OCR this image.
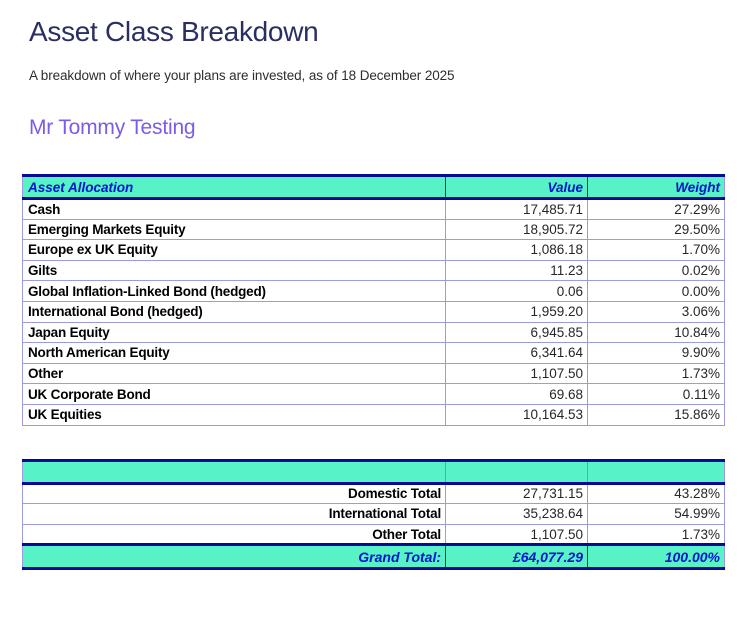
Asset Class Breakdown

A breakdown of where your plans are invested, as of 18 December 2025

Mr Tommy Testing
Asset Allocation	Value	Weight
Cash	17,485.71	27.29%
Emerging Markets Equity	18,905.72	29.50%
Europe ex UK Equity	1,086.18	1.70%
Gilts	11.23	0.02%
Global Inflation-Linked Bond (hedged)	0.06	0.00%
International Bond (hedged)	1,959.20	3.06%
Japan Equity	6,945.85	10.84%
North American Equity	6,341.64	9.90%
Other	1,107.50	1.73%
UK Corporate Bond	69.68	0.11%
UK Equities	10,164.53	15.86%

Domestic Total	27,731.15	43.28%
International Total	35,238.64	54.99%
Other Total	1,107.50	1.73%
Grand Total:	£64,077.29	100.00%
